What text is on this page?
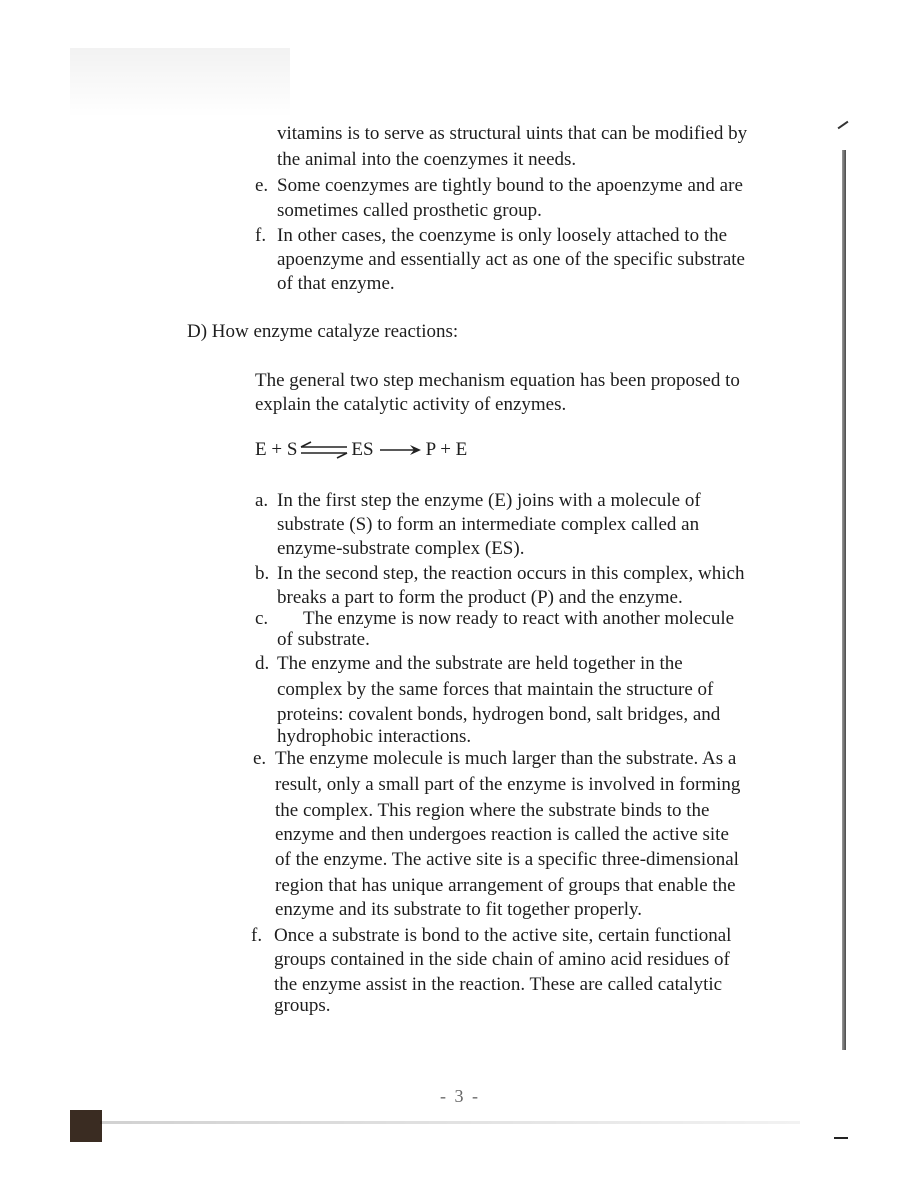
vitamins is to serve as structural uints that can be modified by

the animal into the coenzymes it needs.

e. Some coenzymes are tightly bound to the apoenzyme and are

sometimes called prosthetic group.

f. In other cases, the coenzyme is only loosely attached to the

apoenzyme and essentially act as one of the specific substrate

of that enzyme.

D) How enzyme catalyze reactions:

The general two step mechanism equation has been proposed to

explain the catalytic activity of enzymes.

E + S ⇌ ES	P + E

a. In the first step the enzyme (E) joins with a molecule of

substrate (S) to form an intermediate complex called an

enzyme-substrate complex (ES).

b. In the second step, the reaction occurs in this complex, which

breaks a part to form the product (P) and the enzyme.

c. The enzyme is now ready to react with another molecule

of substrate.

d. The enzyme and the substrate are held together in the

complex by the same forces that maintain the structure of

proteins: covalent bonds, hydrogen bond, salt bridges, and

hydrophobic interactions.

e. The enzyme molecule is much larger than the substrate. As a

result, only a small part of the enzyme is involved in forming

the complex. This region where the substrate binds to the

enzyme and then undergoes reaction is called the active site

of the enzyme. The active site is a specific three-dimensional

region that has unique arrangement of groups that enable the

enzyme and its substrate to fit together properly.

f. Once a substrate is bond to the active site, certain functional

groups contained in the side chain of amino acid residues of

the enzyme assist in the reaction. These are called catalytic

groups.

- 3 -
